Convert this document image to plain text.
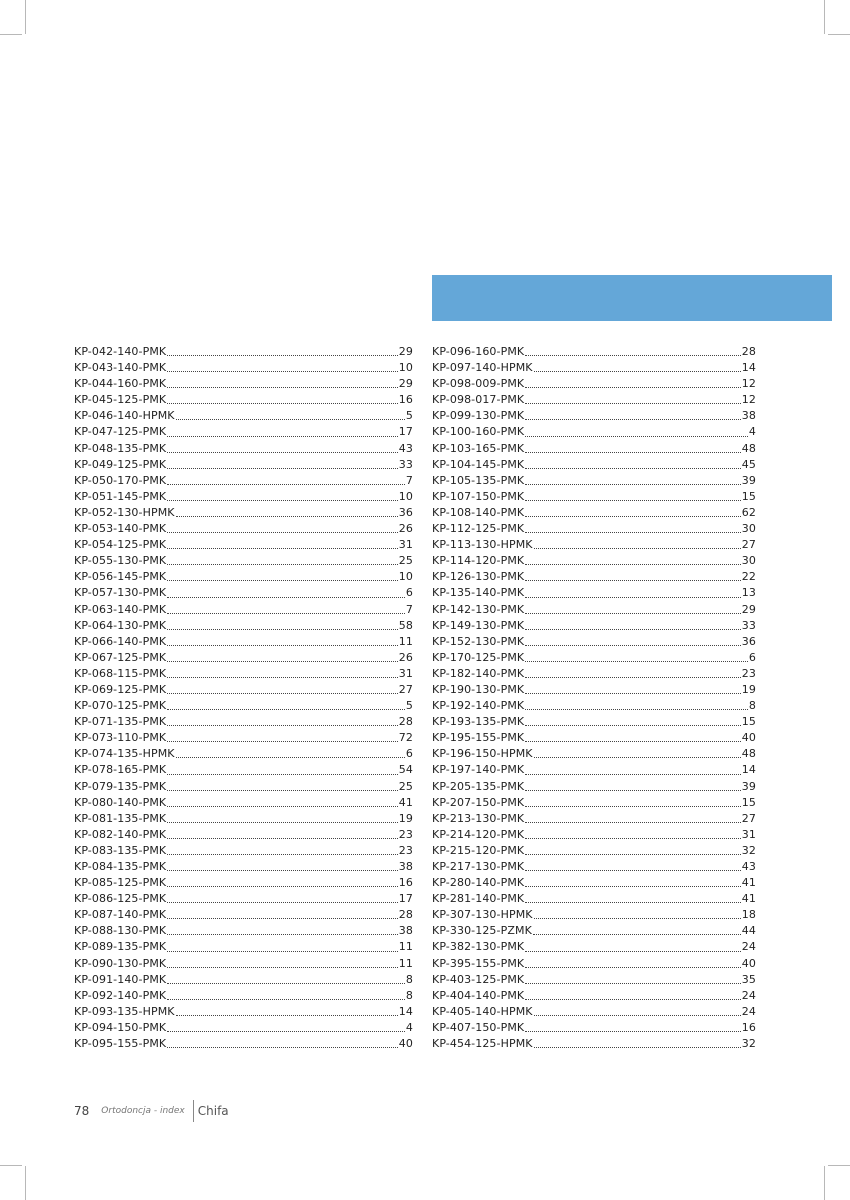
KP-042-140-PMK	29
KP-043-140-PMK	10
KP-044-160-PMK	29
KP-045-125-PMK	16
KP-046-140-HPMK	5
KP-047-125-PMK	17
KP-048-135-PMK	43
KP-049-125-PMK	33
KP-050-170-PMK	7
KP-051-145-PMK	10
KP-052-130-HPMK	36
KP-053-140-PMK	26
KP-054-125-PMK	31
KP-055-130-PMK	25
KP-056-145-PMK	10
KP-057-130-PMK	6
KP-063-140-PMK	7
KP-064-130-PMK	58
KP-066-140-PMK	11
KP-067-125-PMK	26
KP-068-115-PMK	31
KP-069-125-PMK	27
KP-070-125-PMK	5
KP-071-135-PMK	28
KP-073-110-PMK	72
KP-074-135-HPMK	6
KP-078-165-PMK	54
KP-079-135-PMK	25
KP-080-140-PMK	41
KP-081-135-PMK	19
KP-082-140-PMK	23
KP-083-135-PMK	23
KP-084-135-PMK	38
KP-085-125-PMK	16
KP-086-125-PMK	17
KP-087-140-PMK	28
KP-088-130-PMK	38
KP-089-135-PMK	11
KP-090-130-PMK	11
KP-091-140-PMK	8
KP-092-140-PMK	8
KP-093-135-HPMK	14
KP-094-150-PMK	4
KP-095-155-PMK	40
KP-096-160-PMK	28
KP-097-140-HPMK	14
KP-098-009-PMK	12
KP-098-017-PMK	12
KP-099-130-PMK	38
KP-100-160-PMK	4
KP-103-165-PMK	48
KP-104-145-PMK	45
KP-105-135-PMK	39
KP-107-150-PMK	15
KP-108-140-PMK	62
KP-112-125-PMK	30
KP-113-130-HPMK	27
KP-114-120-PMK	30
KP-126-130-PMK	22
KP-135-140-PMK	13
KP-142-130-PMK	29
KP-149-130-PMK	33
KP-152-130-PMK	36
KP-170-125-PMK	6
KP-182-140-PMK	23
KP-190-130-PMK	19
KP-192-140-PMK	8
KP-193-135-PMK	15
KP-195-155-PMK	40
KP-196-150-HPMK	48
KP-197-140-PMK	14
KP-205-135-PMK	39
KP-207-150-PMK	15
KP-213-130-PMK	27
KP-214-120-PMK	31
KP-215-120-PMK	32
KP-217-130-PMK	43
KP-280-140-PMK	41
KP-281-140-PMK	41
KP-307-130-HPMK	18
KP-330-125-PZMK	44
KP-382-130-PMK	24
KP-395-155-PMK	40
KP-403-125-PMK	35
KP-404-140-PMK	24
KP-405-140-HPMK	24
KP-407-150-PMK	16
KP-454-125-HPMK	32
78 Ortodoncja - index Chifa
